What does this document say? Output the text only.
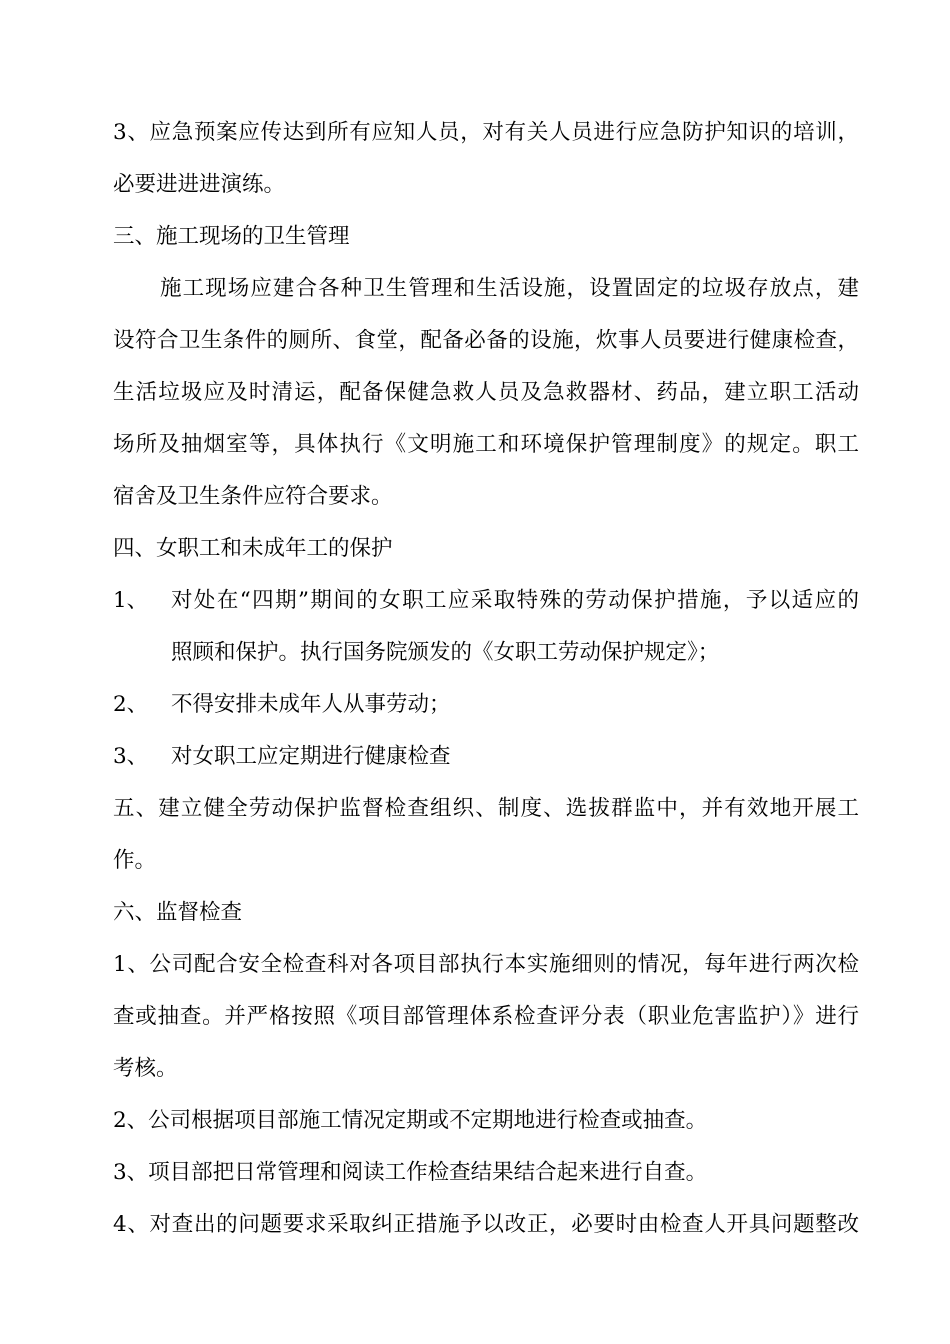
3、应急预案应传达到所有应知人员，对有关人员进行应急防护知识的培训，
必要进进进演练。
三、施工现场的卫生管理
施工现场应建合各种卫生管理和生活设施，设置固定的垃圾存放点，建
设符合卫生条件的厕所、食堂，配备必备的设施，炊事人员要进行健康检查，
生活垃圾应及时清运，配备保健急救人员及急救器材、药品，建立职工活动
场所及抽烟室等，具体执行《文明施工和环境保护管理制度》的规定。职工
宿舍及卫生条件应符合要求。
四、女职工和未成年工的保护
1、 对处在“四期”期间的女职工应采取特殊的劳动保护措施，予以适应的
照顾和保护。执行国务院颁发的《女职工劳动保护规定》；
2、 不得安排未成年人从事劳动；
3、 对女职工应定期进行健康检查
五、建立健全劳动保护监督检查组织、制度、选拔群监中，并有效地开展工
作。
六、监督检查
1、公司配合安全检查科对各项目部执行本实施细则的情况，每年进行两次检
查或抽查。并严格按照《项目部管理体系检查评分表（职业危害监护）》进行
考核。
2、公司根据项目部施工情况定期或不定期地进行检查或抽查。
3、项目部把日常管理和阅读工作检查结果结合起来进行自查。
4、对查出的问题要求采取纠正措施予以改正，必要时由检查人开具问题整改
